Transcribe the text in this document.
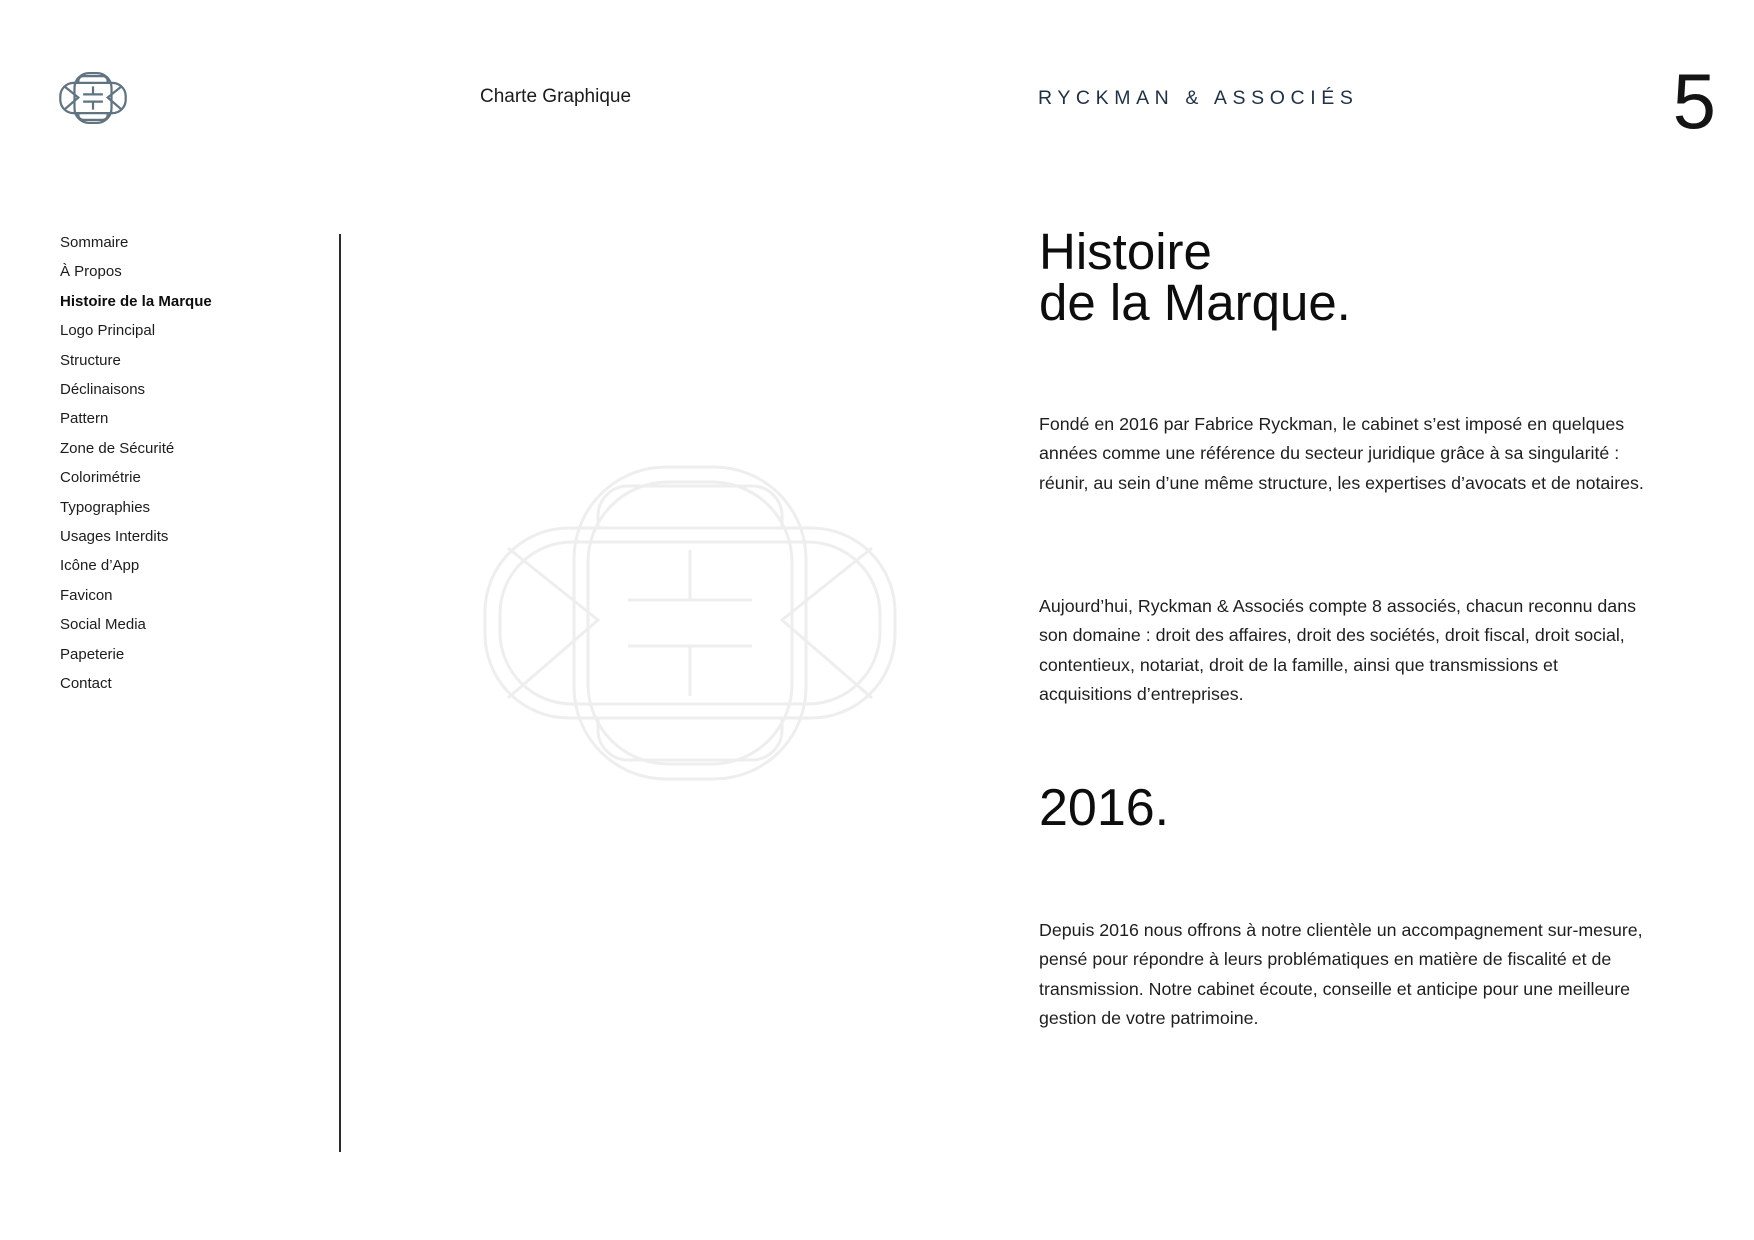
Charte Graphique	RYCKMAN & ASSOCIÉS	5
Sommaire
À Propos
Histoire de la Marque
Logo Principal
Structure
Déclinaisons
Pattern
Zone de Sécurité
Colorimétrie
Typographies
Usages Interdits
Icône d’App
Favicon
Social Media
Papeterie
Contact
Histoire
de la Marque.

Fondé en 2016 par Fabrice Ryckman, le cabinet s’est imposé en quelques années comme une référence du secteur juridique grâce à sa singularité : réunir, au sein d’une même structure, les expertises d’avocats et de notaires.

Aujourd’hui, Ryckman & Associés compte 8 associés, chacun reconnu dans son domaine : droit des affaires, droit des sociétés, droit fiscal, droit social, contentieux, notariat, droit de la famille, ainsi que transmissions et acquisitions d’entreprises.

2016.

Depuis 2016 nous offrons à notre clientèle un accompagnement sur-mesure, pensé pour répondre à leurs problématiques en matière de fiscalité et de transmission. Notre cabinet écoute, conseille et anticipe pour une meilleure gestion de votre patrimoine.
